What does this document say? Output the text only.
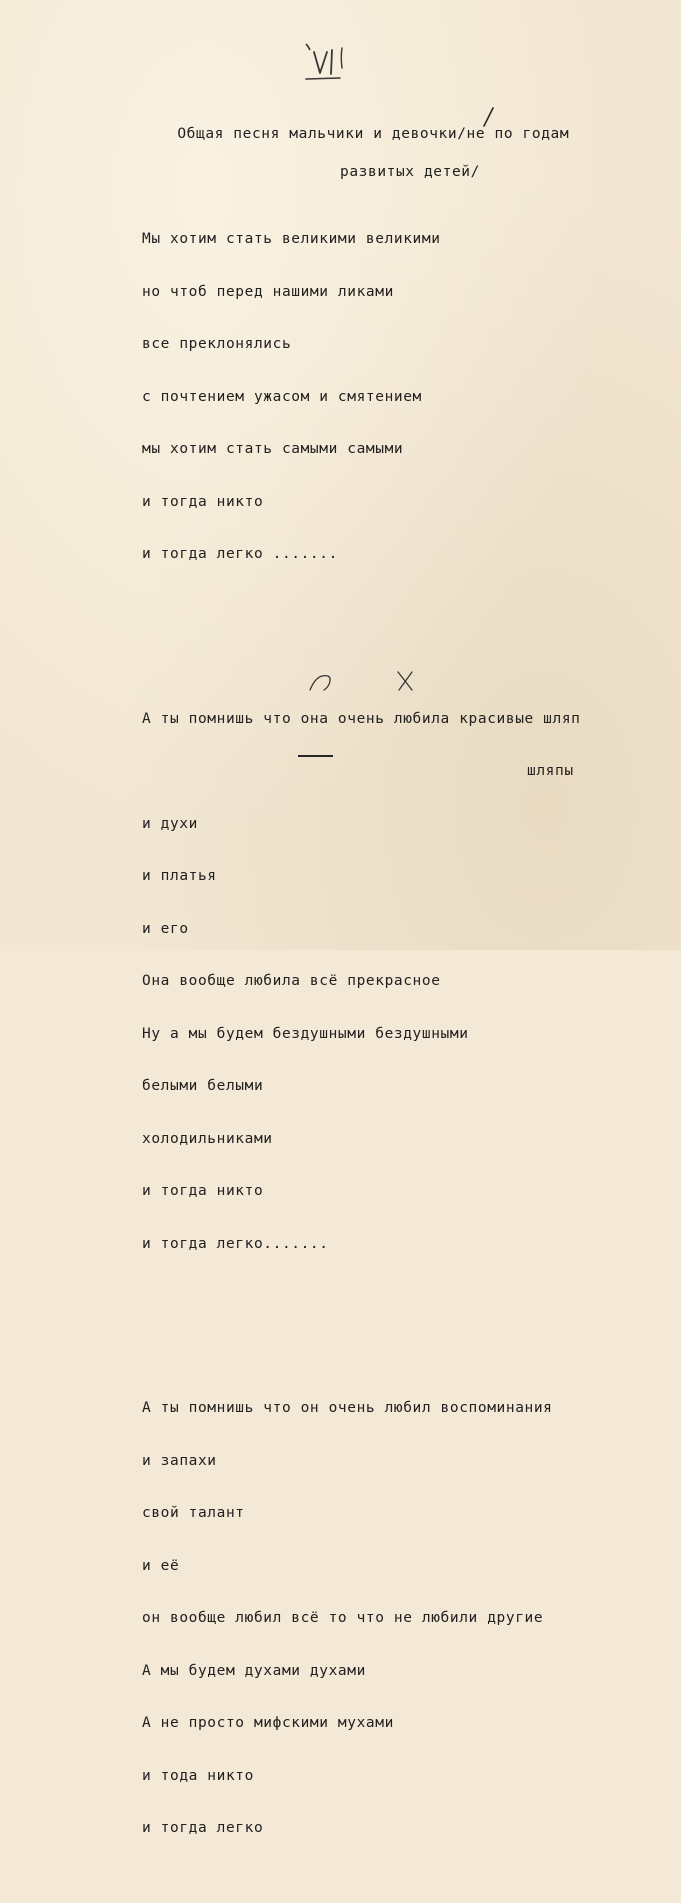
Общая песня мальчики и девочки/не по годам

развитых детей/

Мы хотим стать великими великими

но чтоб перед нашими ликами

все преклонялись

с почтением ужасом и смятением

мы хотим стать самыми самыми

и тогда никто

и тогда легко .......

А ты помнишь что она очень любила красивые шляп

шляпы

и духи

и платья

и его

Она вообще любила всё прекрасное

Ну а мы будем бездушными бездушными

белыми белыми

холодильниками

и тогда никто

и тогда легко.......

А ты помнишь что он очень любил воспоминания

и запахи

свой талант

и её

он вообще любил всё то что не любили другие

А мы будем духами духами

А не просто мифскими мухами

и тода никто

и тогда легко
